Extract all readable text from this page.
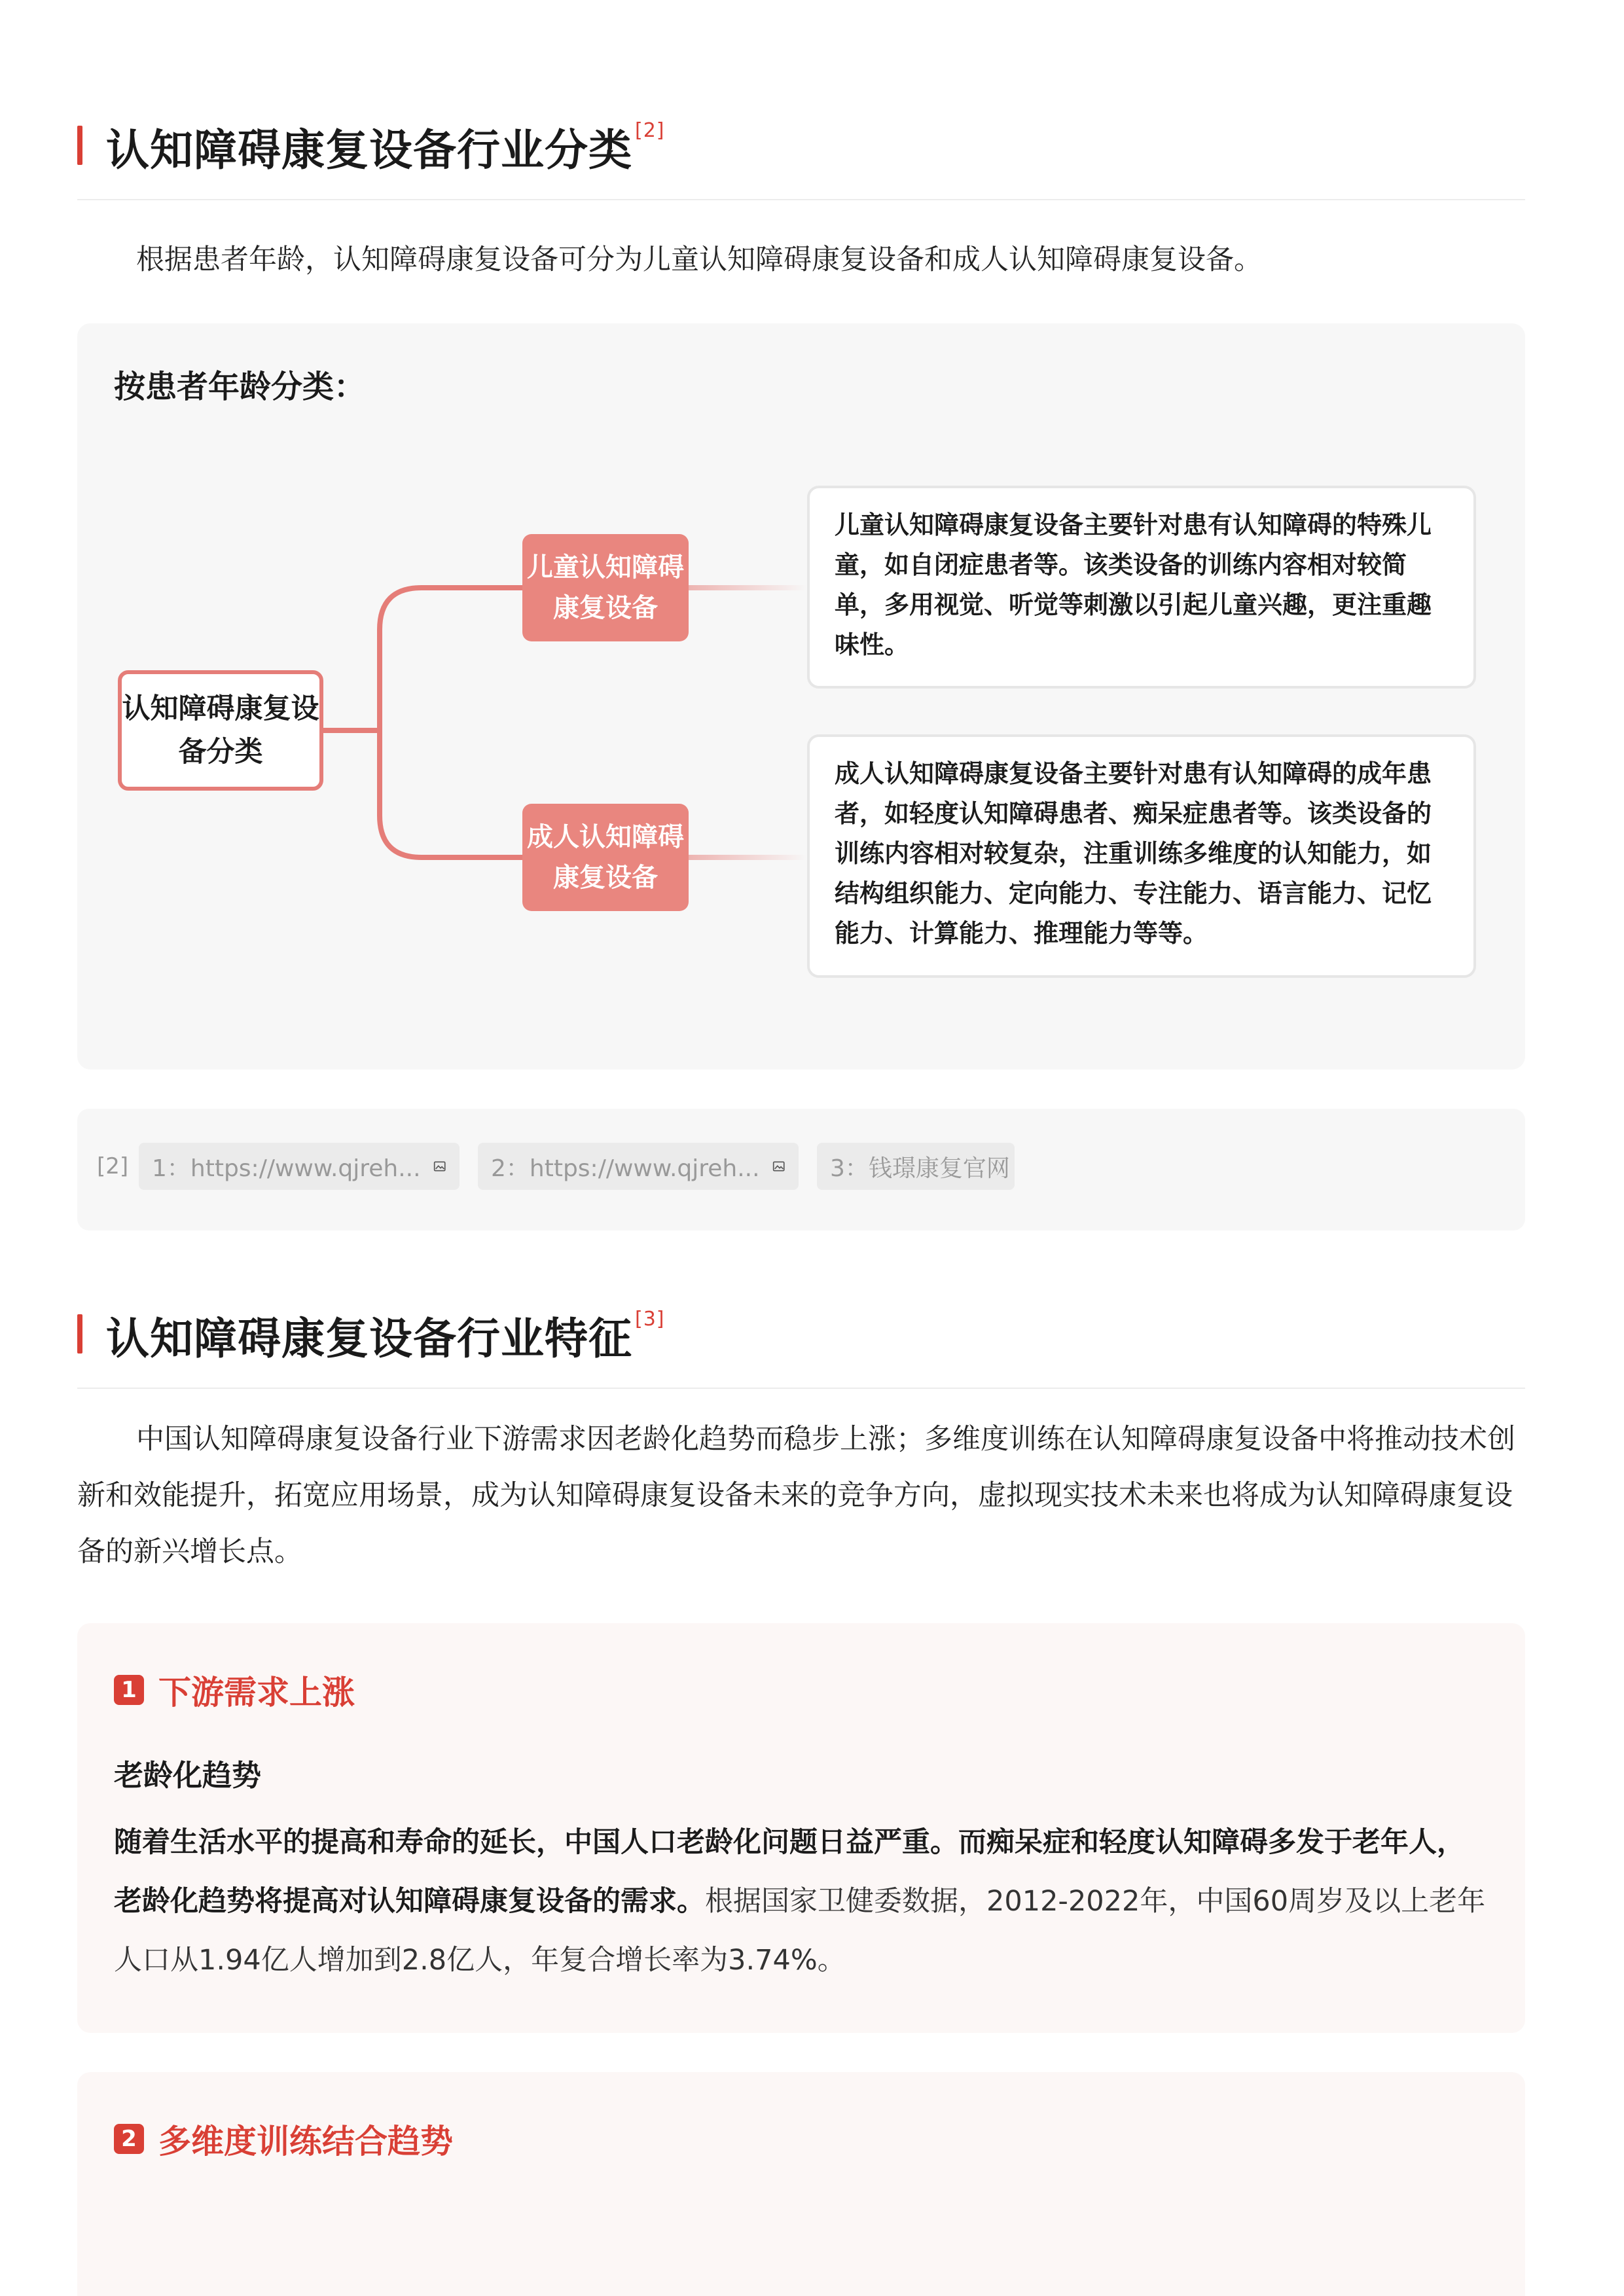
认知障碍康复设备行业分类 [2]

根据患者年龄，认知障碍康复设备可分为儿童认知障碍康复设备和成人认知障碍康复设备。

按患者年龄分类：

认知障碍康复设备分类
儿童认知障碍康复设备
成人认知障碍康复设备

儿童认知障碍康复设备主要针对患有认知障碍的特殊儿童，如自闭症患者等。该类设备的训练内容相对较简单，多用视觉、听觉等刺激以引起儿童兴趣，更注重趣味性。

成人认知障碍康复设备主要针对患有认知障碍的成年患者，如轻度认知障碍患者、痴呆症患者等。该类设备的训练内容相对较复杂，注重训练多维度的认知能力，如结构组织能力、定向能力、专注能力、语言能力、记忆能力、计算能力、推理能力等等。

[2] 1：https://www.qjreh...	2：https://www.qjreh...	3：钱璟康复官网
认知障碍康复设备行业特征 [3]

中国认知障碍康复设备行业下游需求因老龄化趋势而稳步上涨；多维度训练在认知障碍康复设备中将推动技术创新和效能提升，拓宽应用场景，成为认知障碍康复设备未来的竞争方向，虚拟现实技术未来也将成为认知障碍康复设备的新兴增长点。

1 下游需求上涨

老龄化趋势

随着生活水平的提高和寿命的延长，中国人口老龄化问题日益严重。而痴呆症和轻度认知障碍多发于老年人，老龄化趋势将提高对认知障碍康复设备的需求。根据国家卫健委数据，2012-2022年，中国60周岁及以上老年人口从1.94亿人增加到2.8亿人，年复合增长率为3.74%。

2 多维度训练结合趋势
